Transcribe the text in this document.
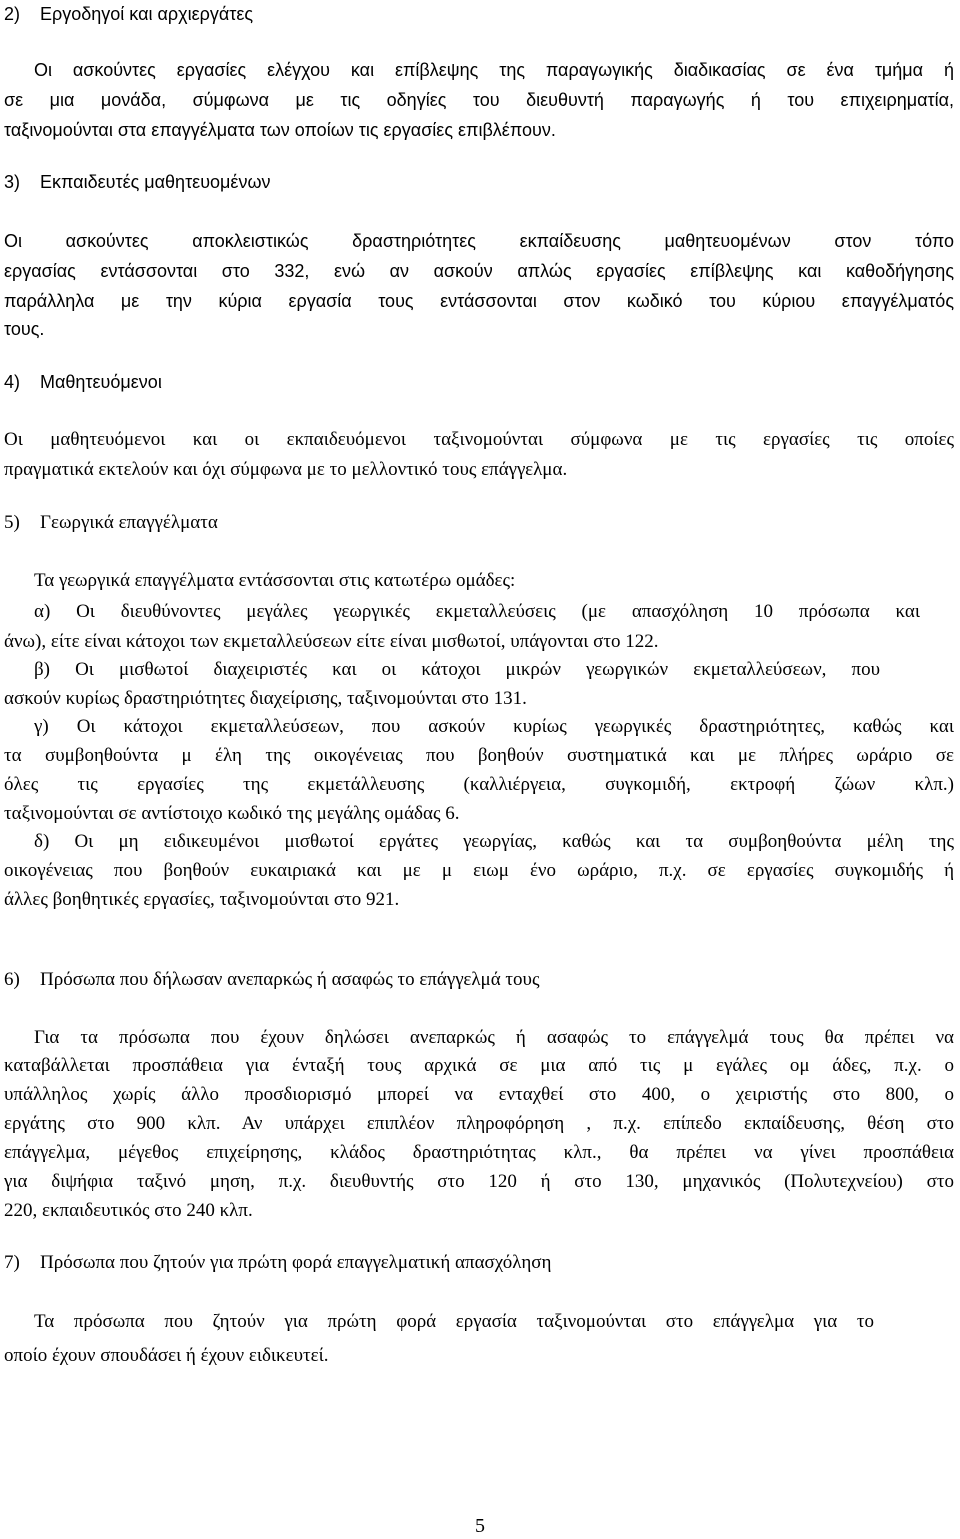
2) Εργοδηγοί και αρχιεργάτες
Οι ασκούντες εργασίες ελέγχου και επίβλεψης της παραγωγικής διαδικασίας σε ένα τμήμα ή
σε μια μονάδα, σύμφωνα με τις οδηγίες του διευθυντή παραγωγής ή του επιχειρηματία,
ταξινομούνται στα επαγγέλματα των οποίων τις εργασίες επιβλέπουν.
3) Εκπαιδευτές μαθητευομένων
Οι ασκούντες αποκλειστικώς δραστηριότητες εκπαίδευσης μαθητευομένων στον τόπο
εργασίας εντάσσονται στο 332, ενώ αν ασκούν απλώς εργασίες επίβλεψης και καθοδήγησης
παράλληλα με την κύρια εργασία τους εντάσσονται στον κωδικό του κύριου επαγγέλματός
τους.
4) Μαθητευόμενοι
Οι μαθητευόμενοι και οι εκπαιδευόμενοι ταξινομούνται σύμφωνα με τις εργασίες τις οποίες
πραγματικά εκτελούν και όχι σύμφωνα με το μελλοντικό τους επάγγελμα.
5) Γεωργικά επαγγέλματα
Τα γεωργικά επαγγέλματα εντάσσονται στις κατωτέρω ομάδες:
α) Οι διευθύνοντες μεγάλες γεωργικές εκμεταλλεύσεις (με απασχόληση 10 πρόσωπα και
άνω), είτε είναι κάτοχοι των εκμεταλλεύσεων είτε είναι μισθωτοί, υπάγονται στο 122.
β) Οι μισθωτοί διαχειριστές και οι κάτοχοι μικρών γεωργικών εκμεταλλεύσεων, που
ασκούν κυρίως δραστηριότητες διαχείρισης, ταξινομούνται στο 131.
γ) Οι κάτοχοι εκμεταλλεύσεων, που ασκούν κυρίως γεωργικές δραστηριότητες, καθώς και
τα συμβοηθούντα μ έλη της οικογένειας που βοηθούν συστηματικά και με πλήρες ωράριο σε
όλες τις εργασίες της εκμετάλλευσης (καλλιέργεια, συγκομιδή, εκτροφή ζώων κλπ.)
ταξινομούνται σε αντίστοιχο κωδικό της μεγάλης ομάδας 6.
δ) Οι μη ειδικευμένοι μισθωτοί εργάτες γεωργίας, καθώς και τα συμβοηθούντα μέλη της
οικογένειας που βοηθούν ευκαιριακά και με μ ειωμ ένο ωράριο, π.χ. σε εργασίες συγκομιδής ή
άλλες βοηθητικές εργασίες, ταξινομούνται στο 921.
6) Πρόσωπα που δήλωσαν ανεπαρκώς ή ασαφώς το επάγγελμά τους
Για τα πρόσωπα που έχουν δηλώσει ανεπαρκώς ή ασαφώς το επάγγελμά τους θα πρέπει να
καταβάλλεται προσπάθεια για ένταξή τους αρχικά σε μια από τις μ εγάλες ομ άδες, π.χ. ο
υπάλληλος χωρίς άλλο προσδιορισμό μπορεί να ενταχθεί στο 400, ο χειριστής στο 800, ο
εργάτης στο 900 κλπ. Αν υπάρχει επιπλέον πληροφόρηση , π.χ. επίπεδο εκπαίδευσης, θέση στο
επάγγελμα, μέγεθος επιχείρησης, κλάδος δραστηριότητας κλπ., θα πρέπει να γίνει προσπάθεια
για διψήφια ταξινό μηση, π.χ. διευθυντής στο 120 ή στο 130, μηχανικός (Πολυτεχνείου) στο
220, εκπαιδευτικός στο 240 κλπ.
7) Πρόσωπα που ζητούν για πρώτη φορά επαγγελματική απασχόληση
Τα πρόσωπα που ζητούν για πρώτη φορά εργασία ταξινομούνται στο επάγγελμα για το
οποίο έχουν σπουδάσει ή έχουν ειδικευτεί.
5
